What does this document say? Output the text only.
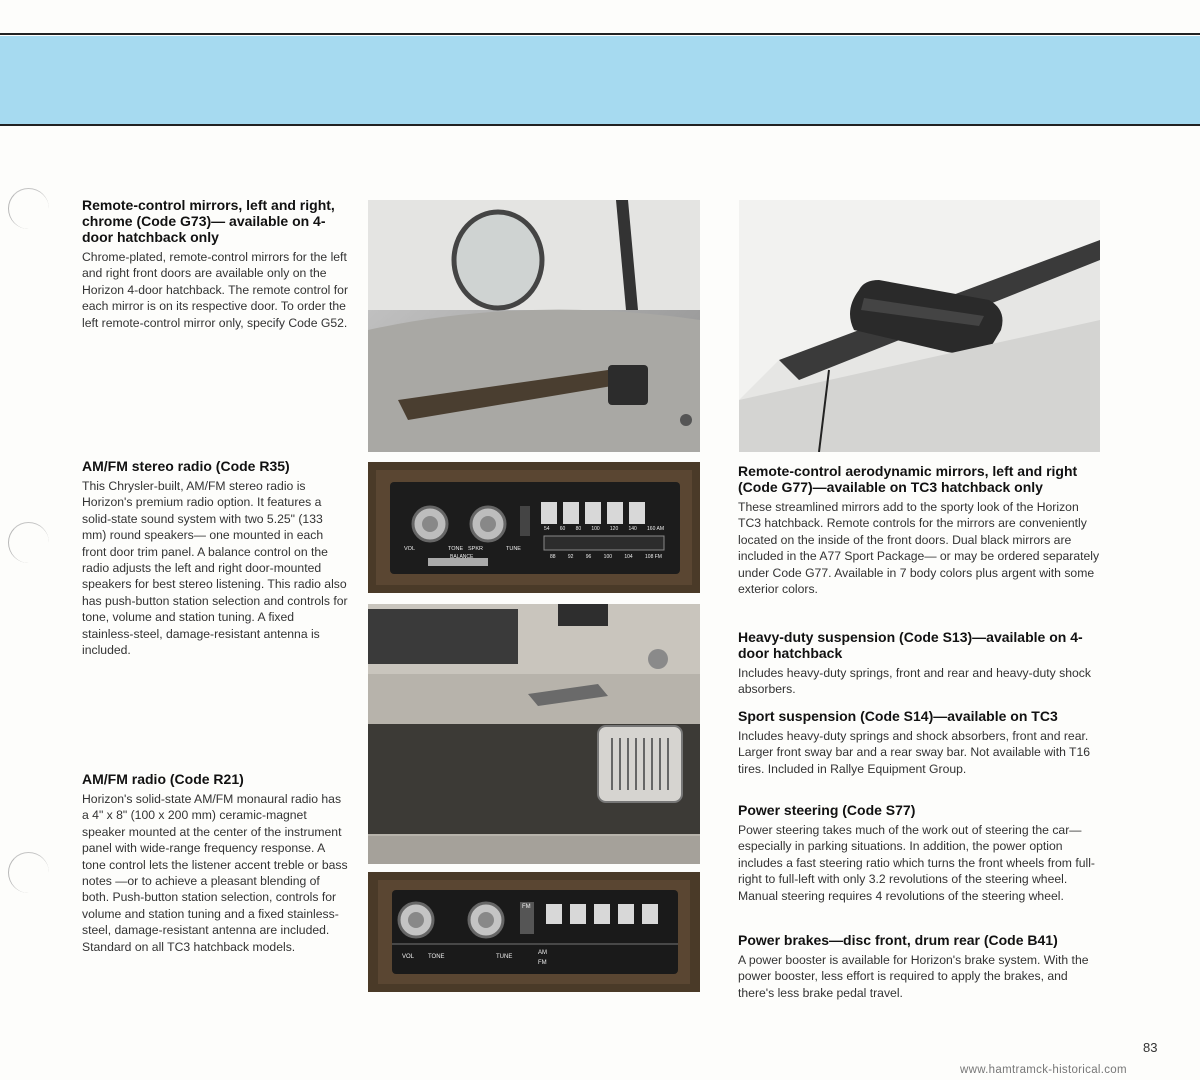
Remote-control mirrors, left and right, chrome (Code G73)— available on 4-door hatchback only

Chrome-plated, remote-control mirrors for the left and right front doors are available only on the Horizon 4-door hatchback. The remote control for each mirror is on its respective door. To order the left remote-control mirror only, specify Code G52.

AM/FM stereo radio (Code R35)

This Chrysler-built, AM/FM stereo radio is Horizon's premium radio option. It features a solid-state sound system with two 5.25" (133 mm) round speakers— one mounted in each front door trim panel. A balance control on the radio adjusts the left and right door-mounted speakers for best stereo listening. This radio also has push-button station selection and controls for tone, volume and station tuning. A fixed stainless-steel, damage-resistant antenna is included.

AM/FM radio (Code R21)

Horizon's solid-state AM/FM monaural radio has a 4" x 8" (100 x 200 mm) ceramic-magnet speaker mounted at the center of the instrument panel with wide-range frequency response. A tone control lets the listener accent treble or bass notes —or to achieve a pleasant blending of both. Push-button station selection, controls for volume and station tuning and a fixed stainless-steel, damage-resistant antenna are included. Standard on all TC3 hatchback models.

VOL	TONE SPKR	TUNE
BALANCE
54 60 80 100 120 140 160 AM
88 92 96 100 104 108 FM
FM
VOL TONE	TUNE
AM
FM
Remote-control aerodynamic mirrors, left and right (Code G77)—available on TC3 hatchback only

These streamlined mirrors add to the sporty look of the Horizon TC3 hatchback. Remote controls for the mirrors are conveniently located on the inside of the front doors. Dual black mirrors are included in the A77 Sport Package— or may be ordered separately under Code G77. Available in 7 body colors plus argent with some exterior colors.

Heavy-duty suspension (Code S13)—available on 4-door hatchback

Includes heavy-duty springs, front and rear and heavy-duty shock absorbers.

Sport suspension (Code S14)—available on TC3

Includes heavy-duty springs and shock absorbers, front and rear. Larger front sway bar and a rear sway bar. Not available with T16 tires. Included in Rallye Equipment Group.

Power steering (Code S77)

Power steering takes much of the work out of steering the car—especially in parking situations. In addition, the power option includes a fast steering ratio which turns the front wheels from full-right to full-left with only 3.2 revolutions of the steering wheel. Manual steering requires 4 revolutions of the steering wheel.

Power brakes—disc front, drum rear (Code B41)

A power booster is available for Horizon's brake system. With the power booster, less effort is required to apply the brakes, and there's less brake pedal travel.

83
www.hamtramck-historical.com
